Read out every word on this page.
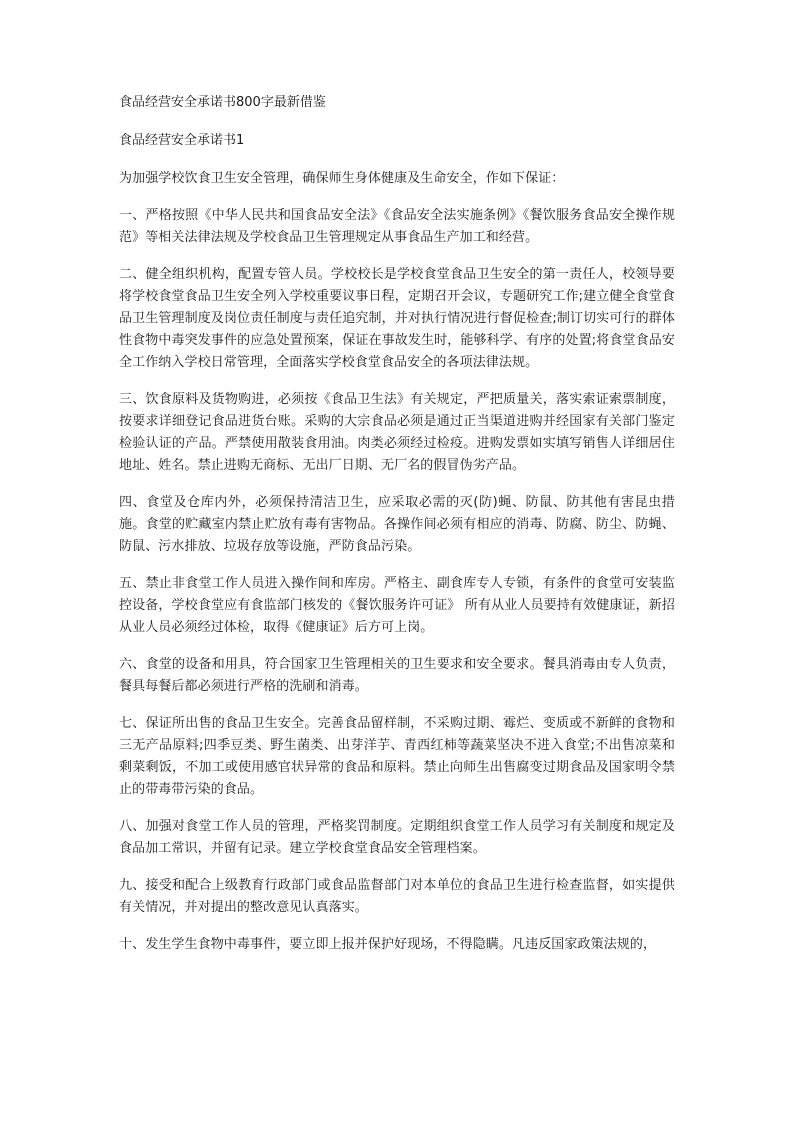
食品经营安全承诺书800字最新借鉴

食品经营安全承诺书1

为加强学校饮食卫生安全管理，确保师生身体健康及生命安全，作如下保证：

一、严格按照《中华人民共和国食品安全法》《食品安全法实施条例》《餐饮服务食品安全操作规范》等相关法律法规及学校食品卫生管理规定从事食品生产加工和经营。

二、健全组织机构，配置专管人员。学校校长是学校食堂食品卫生安全的第一责任人，校领导要将学校食堂食品卫生安全列入学校重要议事日程，定期召开会议，专题研究工作;建立健全食堂食品卫生管理制度及岗位责任制度与责任追究制，并对执行情况进行督促检查;制订切实可行的群体性食物中毒突发事件的应急处置预案，保证在事故发生时，能够科学、有序的处置;将食堂食品安全工作纳入学校日常管理，全面落实学校食堂食品安全的各项法律法规。

三、饮食原料及货物购进，必须按《食品卫生法》有关规定，严把质量关，落实索证索票制度，按要求详细登记食品进货台账。采购的大宗食品必须是通过正当渠道进购并经国家有关部门鉴定检验认证的产品。严禁使用散装食用油。肉类必须经过检疫。进购发票如实填写销售人详细居住地址、姓名。禁止进购无商标、无出厂日期、无厂名的假冒伪劣产品。

四、食堂及仓库内外，必须保持清洁卫生，应采取必需的灭(防)蝇、防鼠、防其他有害昆虫措施。食堂的贮藏室内禁止贮放有毒有害物品。各操作间必须有相应的消毒、防腐、防尘、防蝇、防鼠、污水排放、垃圾存放等设施，严防食品污染。

五、禁止非食堂工作人员进入操作间和库房。严格主、副食库专人专锁，有条件的食堂可安装监控设备，学校食堂应有食监部门核发的《餐饮服务许可证》 所有从业人员要持有效健康证，新招从业人员必须经过体检，取得《健康证》后方可上岗。

六、食堂的设备和用具，符合国家卫生管理相关的卫生要求和安全要求。餐具消毒由专人负责，餐具每餐后都必须进行严格的洗刷和消毒。

七、保证所出售的食品卫生安全。完善食品留样制，不采购过期、霉烂、变质或不新鲜的食物和三无产品原料;四季豆类、野生菌类、出芽洋芋、青西红柿等蔬菜坚决不进入食堂;不出售凉菜和剩菜剩饭，不加工或使用感官状异常的食品和原料。禁止向师生出售腐变过期食品及国家明令禁止的带毒带污染的食品。

八、加强对食堂工作人员的管理，严格奖罚制度。定期组织食堂工作人员学习有关制度和规定及食品加工常识，并留有记录。建立学校食堂食品安全管理档案。

九、接受和配合上级教育行政部门或食品监督部门对本单位的食品卫生进行检查监督，如实提供有关情况，并对提出的整改意见认真落实。

十、发生学生食物中毒事件，要立即上报并保护好现场，不得隐瞒。凡违反国家政策法规的，
